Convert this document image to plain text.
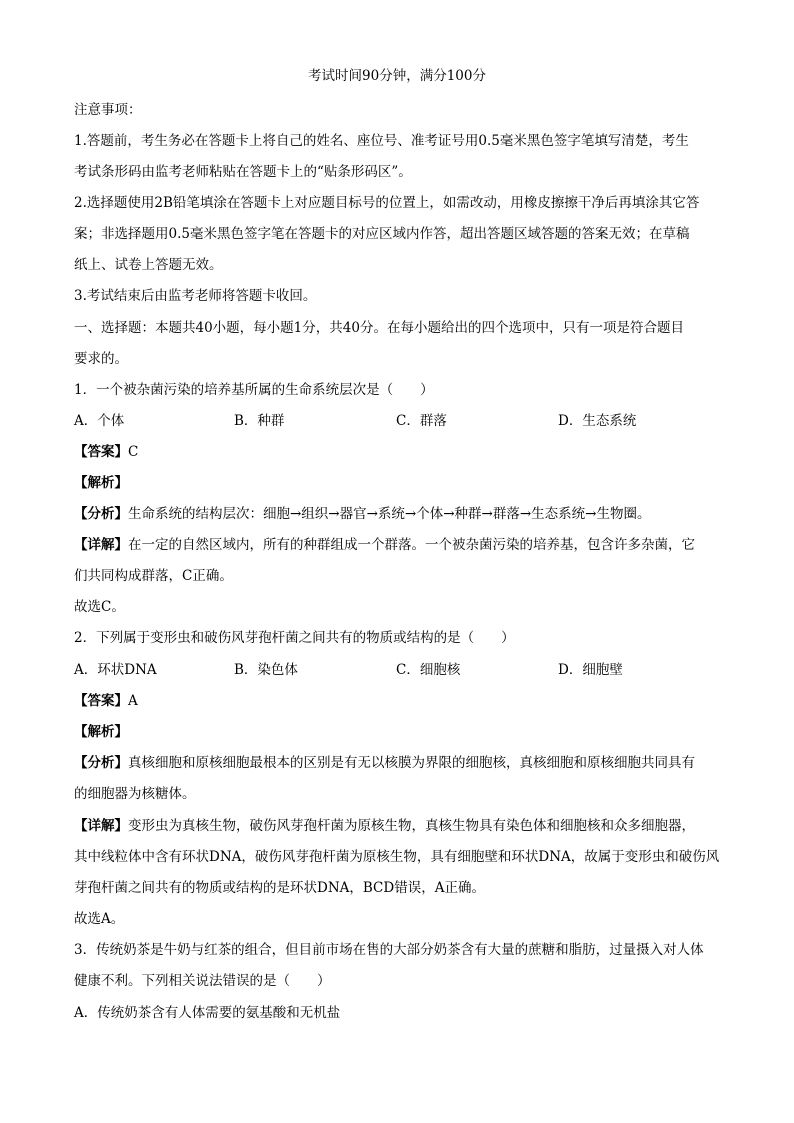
考试时间90分钟，满分100分
注意事项：
1.答题前，考生务必在答题卡上将自己的姓名、座位号、准考证号用0.5毫米黑色签字笔填写清楚，考生
考试条形码由监考老师粘贴在答题卡上的“贴条形码区”。
2.选择题使用2B铅笔填涂在答题卡上对应题目标号的位置上，如需改动，用橡皮擦擦干净后再填涂其它答
案；非选择题用0.5毫米黑色签字笔在答题卡的对应区域内作答，超出答题区域答题的答案无效；在草稿
纸上、试卷上答题无效。
3.考试结束后由监考老师将答题卡收回。
一、选择题：本题共40小题，每小题1分，共40分。在每小题给出的四个选项中，只有一项是符合题目
要求的。
1．一个被杂菌污染的培养基所属的生命系统层次是（　　）
A．个体	B．种群	C．群落	D．生态系统
【答案】C
【解析】
【分析】生命系统的结构层次：细胞→组织→器官→系统→个体→种群→群落→生态系统→生物圈。
【详解】在一定的自然区域内，所有的种群组成一个群落。一个被杂菌污染的培养基，包含许多杂菌，它
们共同构成群落，C正确。
故选C。
2．下列属于变形虫和破伤风芽孢杆菌之间共有的物质或结构的是（　　）
A．环状DNA	B．染色体	C．细胞核	D．细胞壁
【答案】A
【解析】
【分析】真核细胞和原核细胞最根本的区别是有无以核膜为界限的细胞核，真核细胞和原核细胞共同具有
的细胞器为核糖体。
【详解】变形虫为真核生物，破伤风芽孢杆菌为原核生物，真核生物具有染色体和细胞核和众多细胞器，
其中线粒体中含有环状DNA，破伤风芽孢杆菌为原核生物，具有细胞壁和环状DNA，故属于变形虫和破伤风
芽孢杆菌之间共有的物质或结构的是环状DNA，BCD错误，A正确。
故选A。
3．传统奶茶是牛奶与红茶的组合，但目前市场在售的大部分奶茶含有大量的蔗糖和脂肪，过量摄入对人体
健康不利。下列相关说法错误的是（　　）
A．传统奶茶含有人体需要的氨基酸和无机盐
